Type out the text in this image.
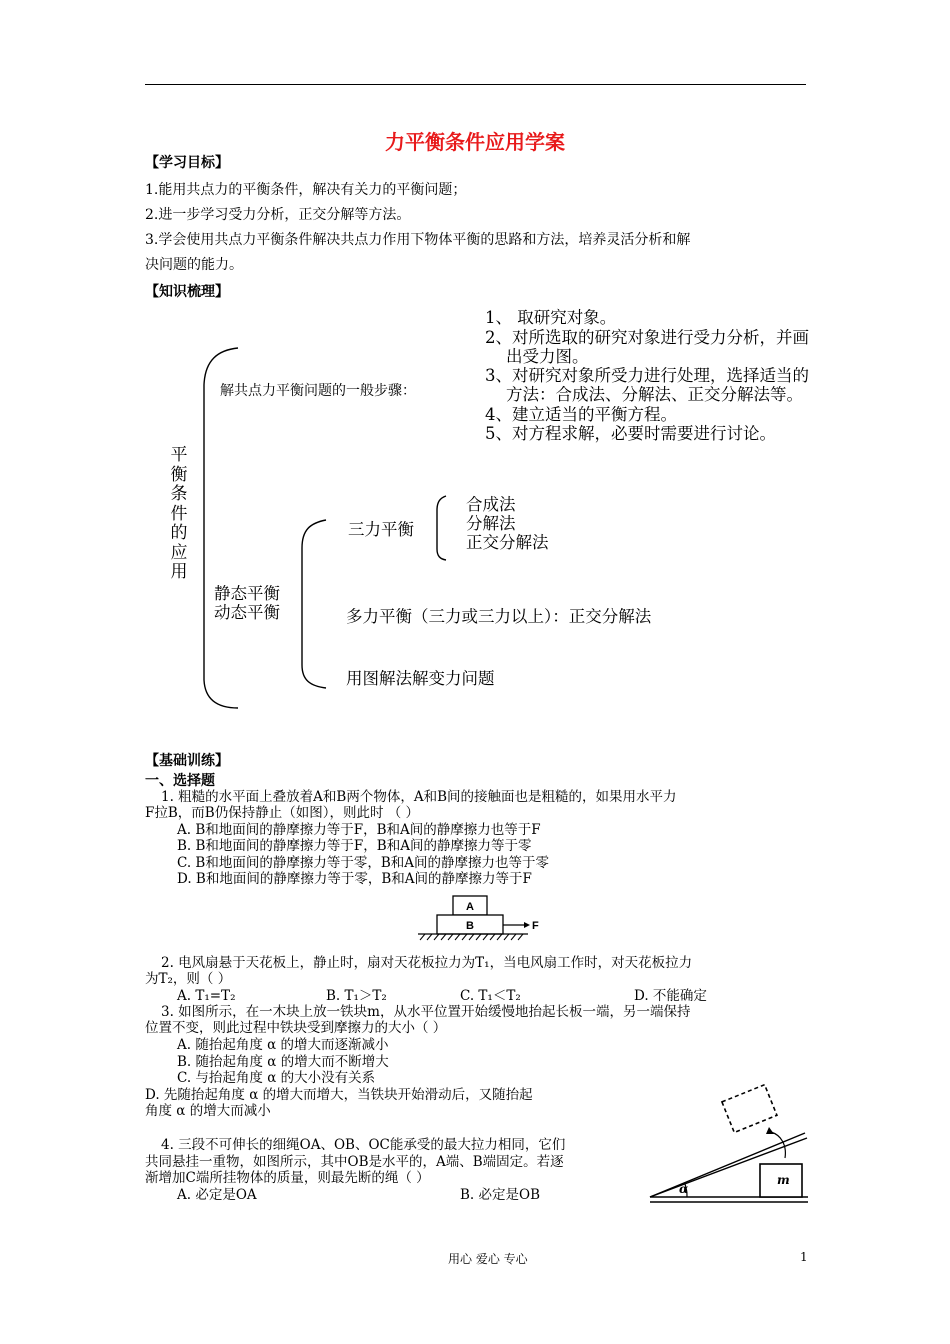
力平衡条件应用学案
【学习目标】
1.能用共点力的平衡条件，解决有关力的平衡问题；
2.进一步学习受力分析，正交分解等方法。
3.学会使用共点力平衡条件解决共点力作用下物体平衡的思路和方法，培养灵活分析和解
决问题的能力。
【知识梳理】
平衡条件的应用
解共点力平衡问题的一般步骤：
1、 取研究对象。
2、对所选取的研究对象进行受力分析，并画
出受力图。
3、对研究对象所受力进行处理，选择适当的
方法：合成法、分解法、正交分解法等。
4、建立适当的平衡方程。
5、对方程求解，必要时需要进行讨论。
三力平衡
合成法
分解法
正交分解法
静态平衡
动态平衡	多力平衡（三力或三力以上）：正交分解法
用图解法解变力问题
【基础训练】
一、选择题
1. 粗糙的水平面上叠放着A和B两个物体，A和B间的接触面也是粗糙的，如果用水平力
F拉B，而B仍保持静止（如图），则此时 （ ）
A. B和地面间的静摩擦力等于F，B和A间的静摩擦力也等于F
B. B和地面间的静摩擦力等于F，B和A间的静摩擦力等于零
C. B和地面间的静摩擦力等于零，B和A间的静摩擦力也等于零
D. B和地面间的静摩擦力等于零，B和A间的静摩擦力等于F
A
B	F
2. 电风扇悬于天花板上，静止时，扇对天花板拉力为T₁，当电风扇工作时，对天花板拉力
为T₂，则（ ）
A. T₁=T₂	B. T₁＞T₂	C. T₁＜T₂	D. 不能确定
3. 如图所示，在一木块上放一铁块m，从水平位置开始缓慢地抬起长板一端，另一端保持
位置不变，则此过程中铁块受到摩擦力的大小（ ）
A. 随抬起角度 α 的增大而逐渐减小
B. 随抬起角度 α 的增大而不断增大
C. 与抬起角度 α 的大小没有关系
D. 先随抬起角度 α 的增大而增大，当铁块开始滑动后，又随抬起
角度 α 的增大而减小
α
m
4. 三段不可伸长的细绳OA、OB、OC能承受的最大拉力相同，它们
共同悬挂一重物，如图所示，其中OB是水平的，A端、B端固定。若逐
渐增加C端所挂物体的质量，则最先断的绳（ ）
A. 必定是OA	B. 必定是OB
用心 爱心 专心	1
